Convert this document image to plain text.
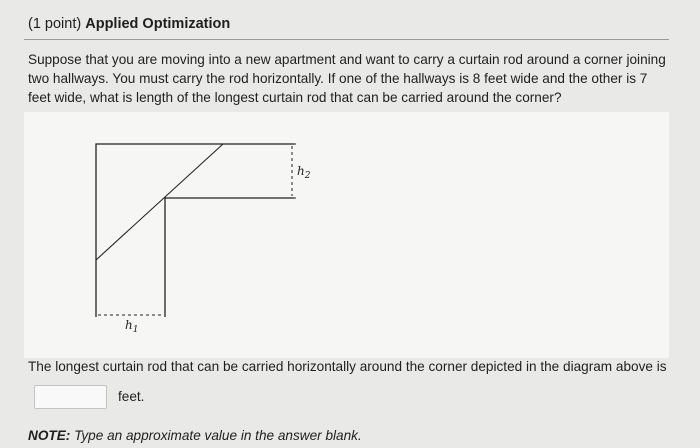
(1 point) Applied Optimization
Suppose that you are moving into a new apartment and want to carry a curtain rod around a corner joining two hallways. You must carry the rod horizontally. If one of the hallways is 8 feet wide and the other is 7 feet wide, what is length of the longest curtain rod that can be carried around the corner?
$h_2$
$h_1$
The longest curtain rod that can be carried horizontally around the corner depicted in the diagram above is
feet.
NOTE: Type an approximate value in the answer blank.
